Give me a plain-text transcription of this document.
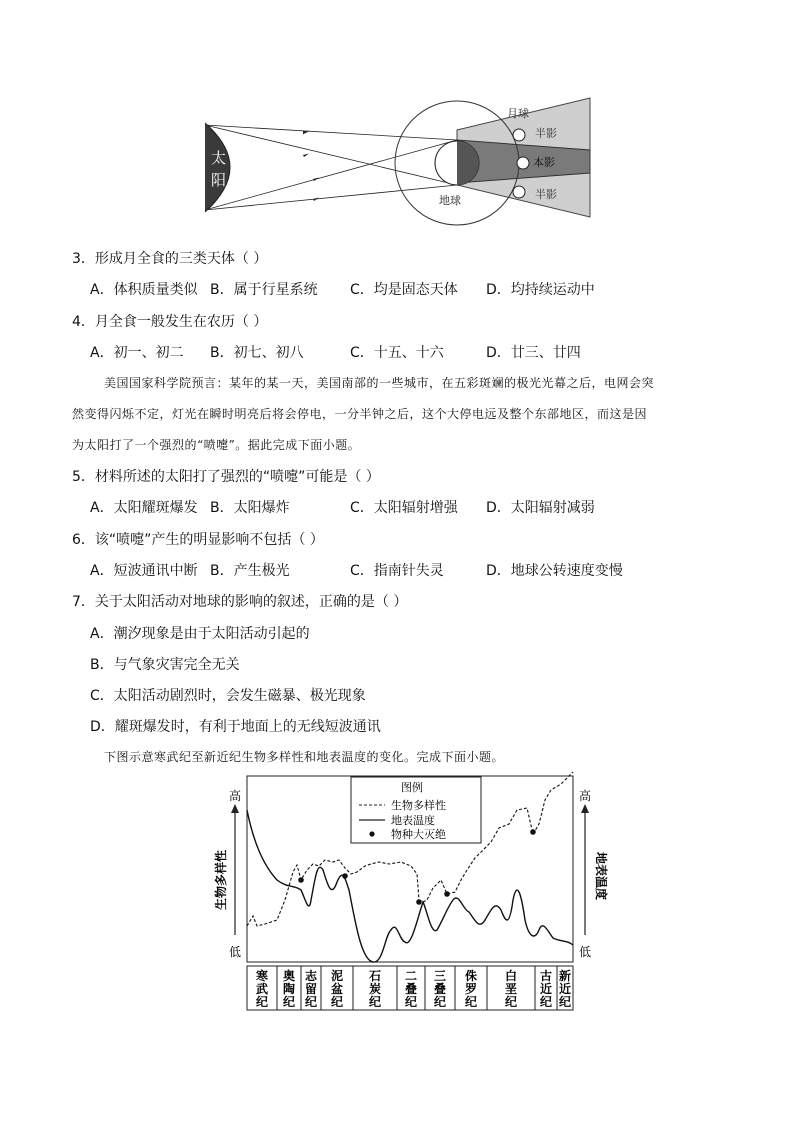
太
阳
月球
半影
本影
半影
地球
3．形成月全食的三类天体（ ）
A．体积质量类似 B．属于行星系统 C．均是固态天体 D．均持续运动中
4．月全食一般发生在农历（ ）
A．初一、初二 B．初七、初八	C．十五、十六	D．廿三、廿四
美国国家科学院预言：某年的某一天，美国南部的一些城市，在五彩斑斓的极光光幕之后，电网会突
然变得闪烁不定，灯光在瞬时明亮后将会停电，一分半钟之后，这个大停电远及整个东部地区，而这是因
为太阳打了一个强烈的“喷嚏”。据此完成下面小题。
5．材料所述的太阳打了强烈的“喷嚏”可能是（ ）
A．太阳耀斑爆发 B．太阳爆炸	C．太阳辐射增强 D．太阳辐射减弱
6．该“喷嚏”产生的明显影响不包括（ ）
A．短波通讯中断 B．产生极光	C．指南针失灵	D．地球公转速度变慢
7．关于太阳活动对地球的影响的叙述，正确的是（ ）
A．潮汐现象是由于太阳活动引起的
B．与气象灾害完全无关
C．太阳活动剧烈时，会发生磁暴、极光现象
D．耀斑爆发时，有利于地面上的无线短波通讯
下图示意寒武纪至新近纪生物多样性和地表温度的变化。完成下面小题。
高
低
高
低
生物多样性	地表温度
图例
生物多样性
地表温度
物种大灭绝
寒武纪
奥陶纪
志留纪
泥盆纪
石炭纪
二叠纪
三叠纪
侏罗纪
白垩纪
古近纪
新近纪
